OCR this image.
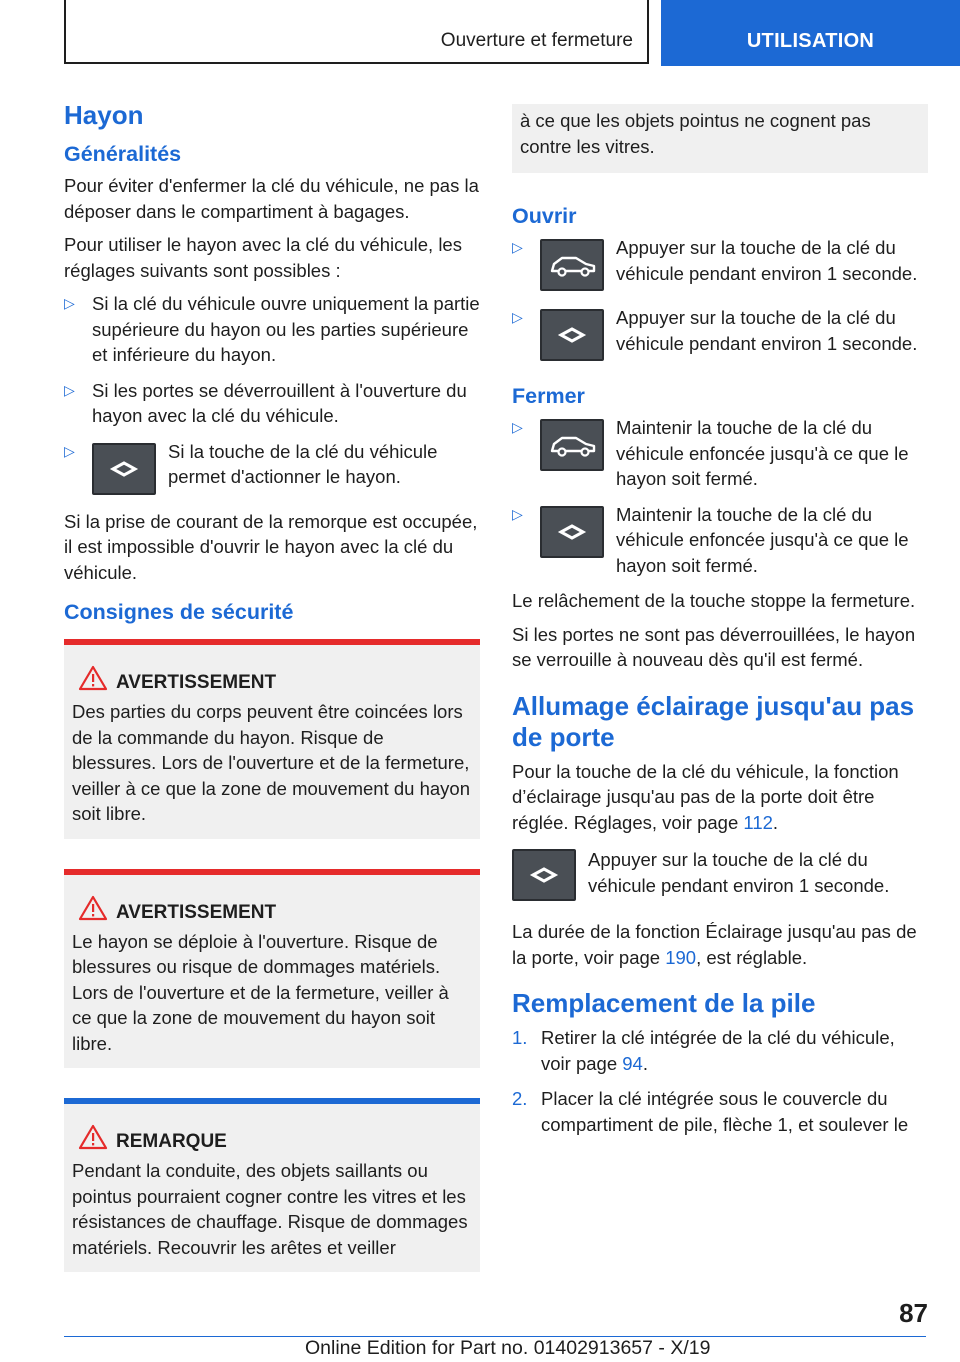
Ouverture et fermeture	UTILISATION
Hayon
Généralités
Pour éviter d'enfermer la clé du véhicule, ne pas la déposer dans le compartiment à bagages.
Pour utiliser le hayon avec la clé du véhicule, les réglages suivants sont possibles :
▷ Si la clé du véhicule ouvre uniquement la partie supérieure du hayon ou les parties supérieure et inférieure du hayon.
▷ Si les portes se déverrouillent à l'ouverture du hayon avec la clé du véhicule.
▷	Si la touche de la clé du véhicule permet d'actionner le hayon.
Si la prise de courant de la remorque est occupée, il est impossible d'ouvrir le hayon avec la clé du véhicule.
Consignes de sécurité
AVERTISSEMENT
Des parties du corps peuvent être coincées lors de la commande du hayon. Risque de blessures. Lors de l'ouverture et de la fermeture, veiller à ce que la zone de mouvement du hayon soit libre.
AVERTISSEMENT
Le hayon se déploie à l'ouverture. Risque de blessures ou risque de dommages matériels. Lors de l'ouverture et de la fermeture, veiller à ce que la zone de mouvement du hayon soit libre.
REMARQUE
Pendant la conduite, des objets saillants ou pointus pourraient cogner contre les vitres et les résistances de chauffage. Risque de dommages matériels. Recouvrir les arêtes et veiller
à ce que les objets pointus ne cognent pas contre les vitres.
Ouvrir
▷	Appuyer sur la touche de la clé du véhicule pendant environ 1 seconde.
▷	Appuyer sur la touche de la clé du véhicule pendant environ 1 seconde.
Fermer
▷	Maintenir la touche de la clé du véhicule enfoncée jusqu'à ce que le hayon soit fermé.
▷	Maintenir la touche de la clé du véhicule enfoncée jusqu'à ce que le hayon soit fermé.
Le relâchement de la touche stoppe la fermeture.
Si les portes ne sont pas déverrouillées, le hayon se verrouille à nouveau dès qu'il est fermé.
Allumage éclairage jusqu'au pas de porte
Pour la touche de la clé du véhicule, la fonction d’éclairage jusqu'au pas de la porte doit être réglée. Réglages, voir page 112.
Appuyer sur la touche de la clé du véhicule pendant environ 1 seconde.
La durée de la fonction Éclairage jusqu'au pas de la porte, voir page 190, est réglable.
Remplacement de la pile
1. Retirer la clé intégrée de la clé du véhicule, voir page 94.
2. Placer la clé intégrée sous le couvercle du compartiment de pile, flèche 1, et soulever le
87
Online Edition for Part no. 01402913657 - X/19
